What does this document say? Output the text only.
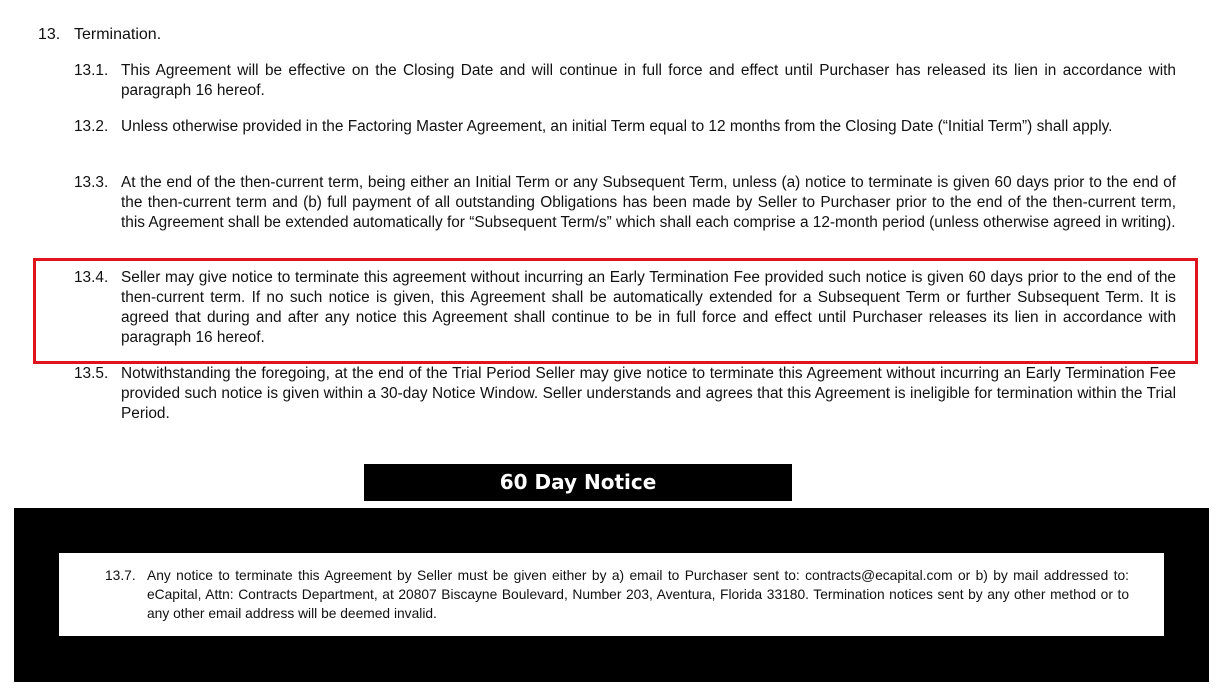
13. Termination.
13.1. This Agreement will be effective on the Closing Date and will continue in full force and effect until Purchaser has released its lien in accordance with paragraph 16 hereof.
13.2. Unless otherwise provided in the Factoring Master Agreement, an initial Term equal to 12 months from the Closing Date (“Initial Term”) shall apply.
13.3. At the end of the then-current term, being either an Initial Term or any Subsequent Term, unless (a) notice to terminate is given 60 days prior to the end of the then-current term and (b) full payment of all outstanding Obligations has been made by Seller to Purchaser prior to the end of the then-current term, this Agreement shall be extended automatically for “Subsequent Term/s” which shall each comprise a 12-month period (unless otherwise agreed in writing).
13.4. Seller may give notice to terminate this agreement without incurring an Early Termination Fee provided such notice is given 60 days prior to the end of the then-current term. If no such notice is given, this Agreement shall be automatically extended for a Subsequent Term or further Subsequent Term. It is agreed that during and after any notice this Agreement shall continue to be in full force and effect until Purchaser releases its lien in accordance with paragraph 16 hereof.
13.5. Notwithstanding the foregoing, at the end of the Trial Period Seller may give notice to terminate this Agreement without incurring an Early Termination Fee provided such notice is given within a 30-day Notice Window. Seller understands and agrees that this Agreement is ineligible for termination within the Trial Period.
60 Day Notice
13.7. Any notice to terminate this Agreement by Seller must be given either by a) email to Purchaser sent to: contracts@ecapital.com or b) by mail addressed to: eCapital, Attn: Contracts Department, at 20807 Biscayne Boulevard, Number 203, Aventura, Florida 33180. Termination notices sent by any other method or to any other email address will be deemed invalid.
